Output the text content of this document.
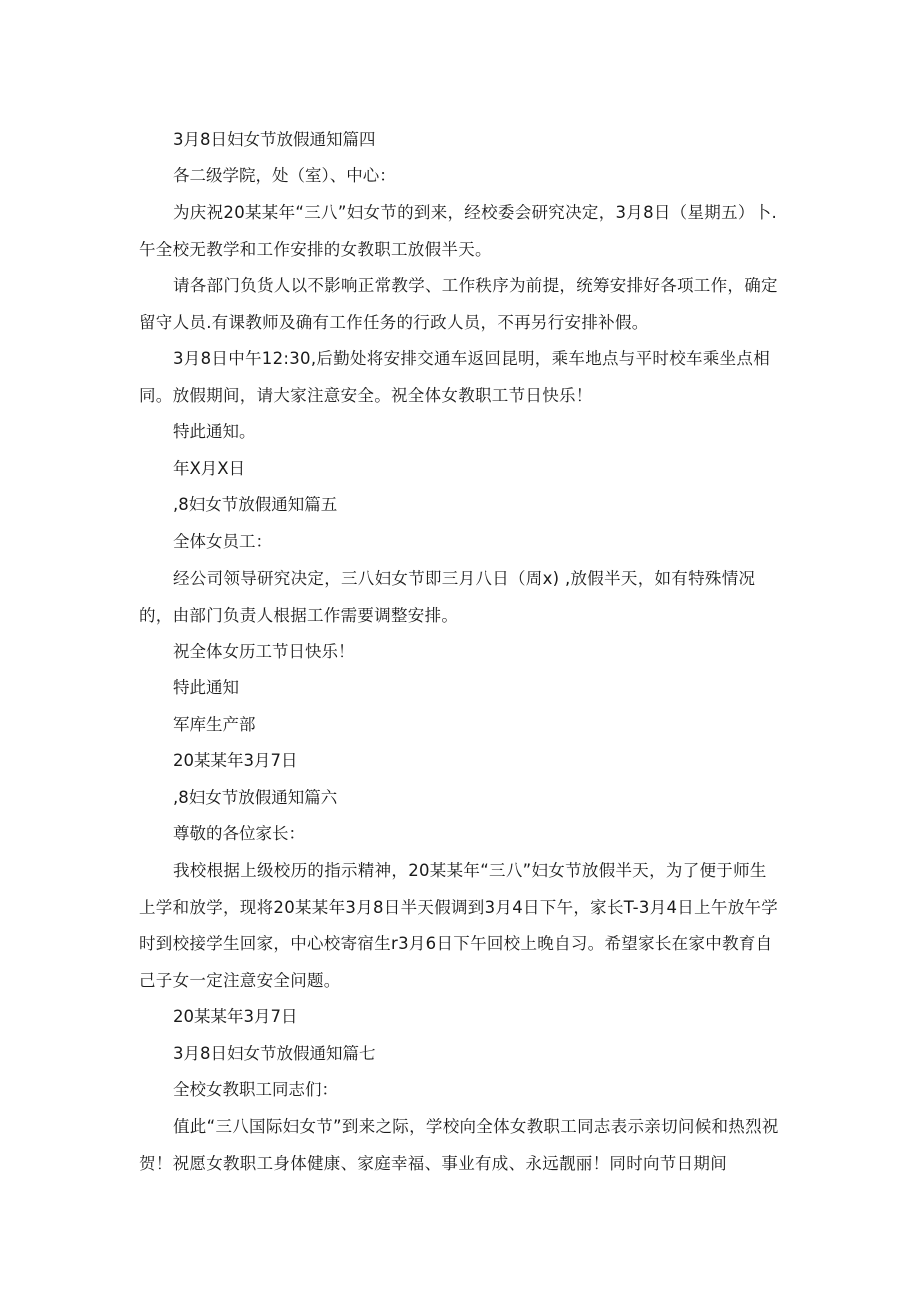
3月8日妇女节放假通知篇四

各二级学院，处（室）、中心：

为庆祝20某某年“三八”妇女节的到来，经校委会研究决定，3月8日（星期五）卜.午全校无教学和工作安排的女教职工放假半天。

请各部门负货人以不影响正常教学、工作秩序为前提，统筹安排好各项工作，确定留守人员.有课教师及确有工作任务的行政人员，不再另行安排补假。

3月8日中午12:30,后勤处将安排交通车返回昆明，乘车地点与平时校车乘坐点相同。放假期间，请大家注意安全。祝全体女教职工节日快乐！

特此通知。

年X月X日

,8妇女节放假通知篇五

全体女员工：

经公司领导研究决定，三八妇女节即三月八日（周x) ,放假半天，如有特殊情况的，由部门负责人根据工作需要调整安排。

祝全体女历工节日快乐！

特此通知

军库生产部

20某某年3月7日

,8妇女节放假通知篇六

尊敬的各位家长：

我校根据上级校历的指示精神，20某某年“三八”妇女节放假半天，为了便于师生上学和放学，现将20某某年3月8日半天假调到3月4日下午，家长T-3月4日上午放午学时到校接学生回家，中心校寄宿生r3月6日下午回校上晚自习。希望家长在家中教育自己子女一定注意安全问题。

20某某年3月7日

3月8日妇女节放假通知篇七

全校女教职工同志们：

值此“三八国际妇女节”到来之际，学校向全体女教职工同志表示亲切问候和热烈祝贺！祝愿女教职工身体健康、家庭幸福、事业有成、永远靓丽！同时向节日期间
